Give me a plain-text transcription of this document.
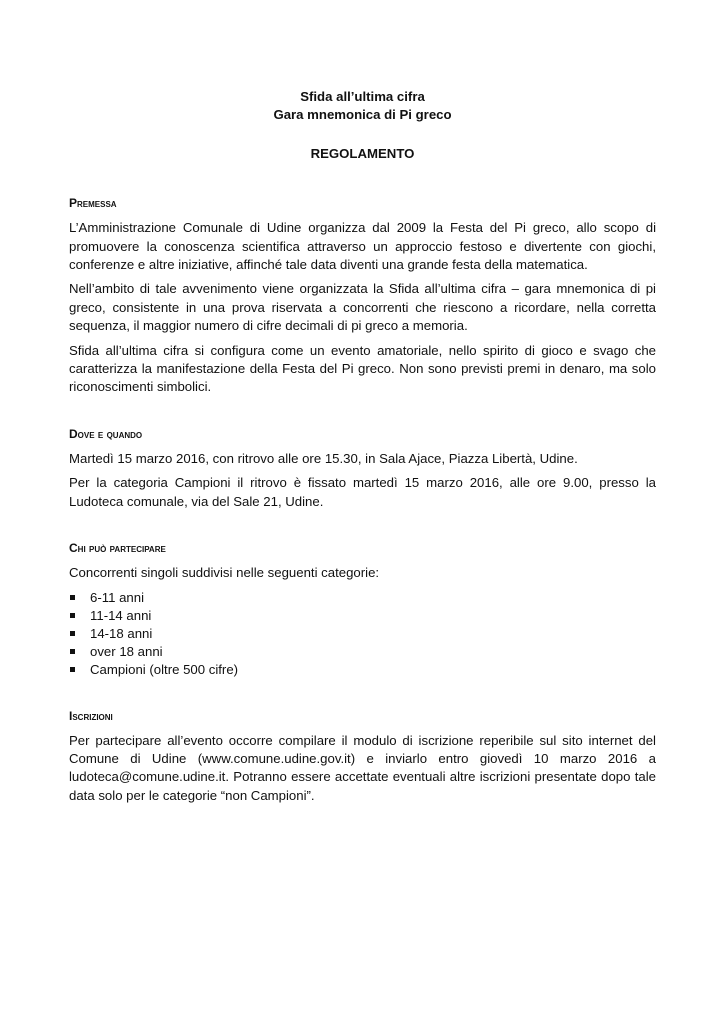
Sfida all’ultima cifra

Gara mnemonica di Pi greco

REGOLAMENTO

Premessa

L’Amministrazione Comunale di Udine organizza dal 2009 la Festa del Pi greco, allo scopo di promuovere la conoscenza scientifica attraverso un approccio festoso e divertente con giochi, conferenze e altre iniziative, affinché tale data diventi una grande festa della matematica.

Nell’ambito di tale avvenimento viene organizzata la Sfida all’ultima cifra – gara mnemonica di pi greco, consistente in una prova riservata a concorrenti che riescono a ricordare, nella corretta sequenza, il maggior numero di cifre decimali di pi greco a memoria.

Sfida all’ultima cifra si configura come un evento amatoriale, nello spirito di gioco e svago che caratterizza la manifestazione della Festa del Pi greco. Non sono previsti premi in denaro, ma solo riconoscimenti simbolici.

Dove e quando

Martedì 15 marzo 2016, con ritrovo alle ore 15.30, in Sala Ajace, Piazza Libertà, Udine.

Per la categoria Campioni il ritrovo è fissato martedì 15 marzo 2016, alle ore 9.00, presso la Ludoteca comunale, via del Sale 21, Udine.

Chi può partecipare

Concorrenti singoli suddivisi nelle seguenti categorie:

6-11 anni
11-14 anni
14-18 anni
over 18 anni
Campioni (oltre 500 cifre)
Iscrizioni

Per partecipare all’evento occorre compilare il modulo di iscrizione reperibile sul sito internet del Comune di Udine (www.comune.udine.gov.it) e inviarlo entro giovedì 10 marzo 2016 a ludoteca@comune.udine.it. Potranno essere accettate eventuali altre iscrizioni presentate dopo tale data solo per le categorie “non Campioni”.
